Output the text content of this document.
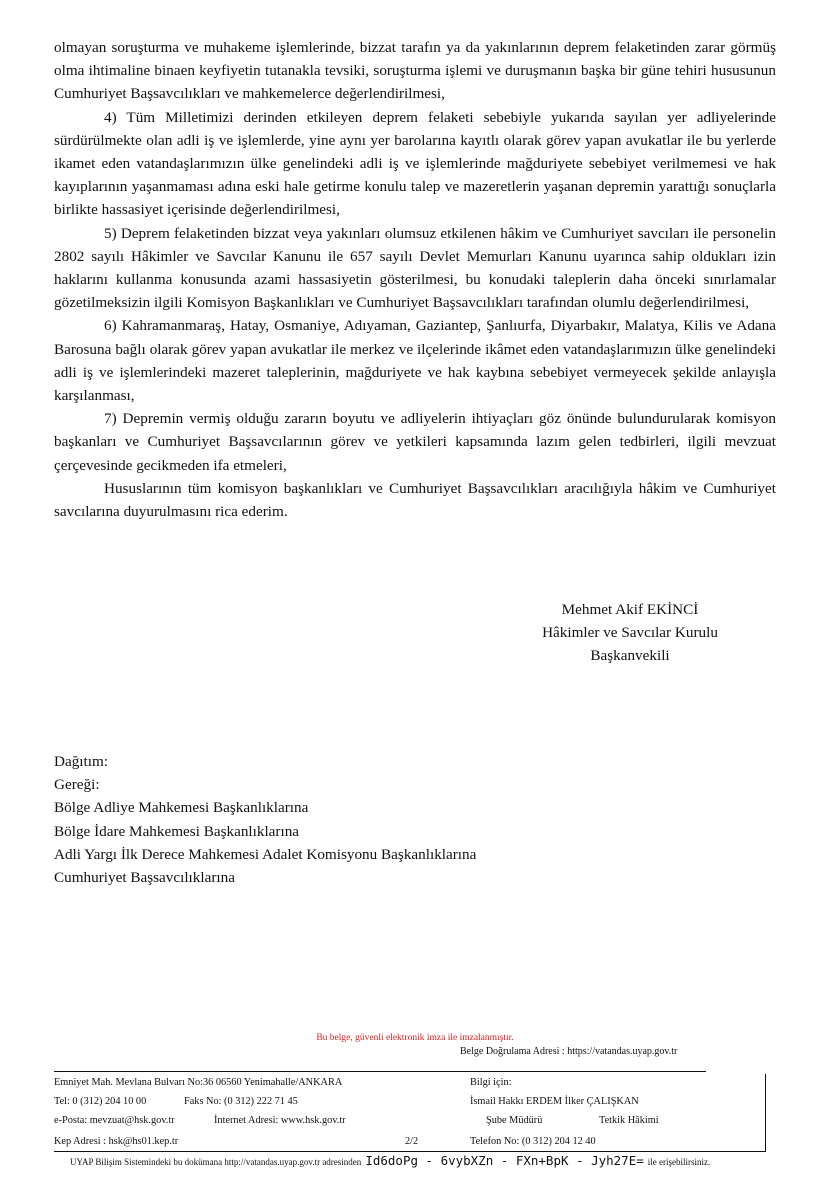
olmayan soruşturma ve muhakeme işlemlerinde, bizzat tarafın ya da yakınlarının deprem felaketinden zarar görmüş olma ihtimaline binaen keyfiyetin tutanakla tevsiki, soruşturma işlemi ve duruşmanın başka bir güne tehiri hususunun Cumhuriyet Başsavcılıkları ve mahkemelerce değerlendirilmesi,

4) Tüm Milletimizi derinden etkileyen deprem felaketi sebebiyle yukarıda sayılan yer adliyelerinde sürdürülmekte olan adli iş ve işlemlerde, yine aynı yer barolarına kayıtlı olarak görev yapan avukatlar ile bu yerlerde ikamet eden vatandaşlarımızın ülke genelindeki adli iş ve işlemlerinde mağduriyete sebebiyet verilmemesi ve hak kayıplarının yaşanmaması adına eski hale getirme konulu talep ve mazeretlerin yaşanan depremin yarattığı sonuçlarla birlikte hassasiyet içerisinde değerlendirilmesi,

5) Deprem felaketinden bizzat veya yakınları olumsuz etkilenen hâkim ve Cumhuriyet savcıları ile personelin 2802 sayılı Hâkimler ve Savcılar Kanunu ile 657 sayılı Devlet Memurları Kanunu uyarınca sahip oldukları izin haklarını kullanma konusunda azami hassasiyetin gösterilmesi, bu konudaki taleplerin daha önceki sınırlamalar gözetilmeksizin ilgili Komisyon Başkanlıkları ve Cumhuriyet Başsavcılıkları tarafından olumlu değerlendirilmesi,

6) Kahramanmaraş, Hatay, Osmaniye, Adıyaman, Gaziantep, Şanlıurfa, Diyarbakır, Malatya, Kilis ve Adana Barosuna bağlı olarak görev yapan avukatlar ile merkez ve ilçelerinde ikâmet eden vatandaşlarımızın ülke genelindeki adli iş ve işlemlerindeki mazeret taleplerinin, mağduriyete ve hak kaybına sebebiyet vermeyecek şekilde anlayışla karşılanması,

7) Depremin vermiş olduğu zararın boyutu ve adliyelerin ihtiyaçları göz önünde bulundurularak komisyon başkanları ve Cumhuriyet Başsavcılarının görev ve yetkileri kapsamında lazım gelen tedbirleri, ilgili mevzuat çerçevesinde gecikmeden ifa etmeleri,

Hususlarının tüm komisyon başkanlıkları ve Cumhuriyet Başsavcılıkları aracılığıyla hâkim ve Cumhuriyet savcılarına duyurulmasını rica ederim.

Mehmet Akif EKİNCİ
Hâkimler ve Savcılar Kurulu
Başkanvekili
Dağıtım:
Gereği:
Bölge Adliye Mahkemesi Başkanlıklarına
Bölge İdare Mahkemesi Başkanlıklarına
Adli Yargı İlk Derece Mahkemesi Adalet Komisyonu Başkanlıklarına
Cumhuriyet Başsavcılıklarına
Bu belge, güvenli elektronik imza ile imzalanmıştır.
Belge Doğrulama Adresi : https://vatandas.uyap.gov.tr
Emniyet Mah. Mevlana Bulvarı No:36 06560 Yenimahalle/ANKARA	Bilgi için:
Tel: 0 (312) 204 10 00	Faks No: (0 312) 222 71 45	İsmail Hakkı ERDEM İlker ÇALIŞKAN
e-Posta: mevzuat@hsk.gov.tr	İnternet Adresi: www.hsk.gov.tr	Şube Müdürü	Tetkik Hâkimi
Kep Adresi : hsk@hs01.kep.tr	2/2	Telefon No: (0 312) 204 12 40
UYAP Bilişim Sistemindeki bu dokümana http://vatandas.uyap.gov.tr adresinden Id6doPg - 6vybXZn - FXn+BpK - Jyh27E= ile erişebilirsiniz.
